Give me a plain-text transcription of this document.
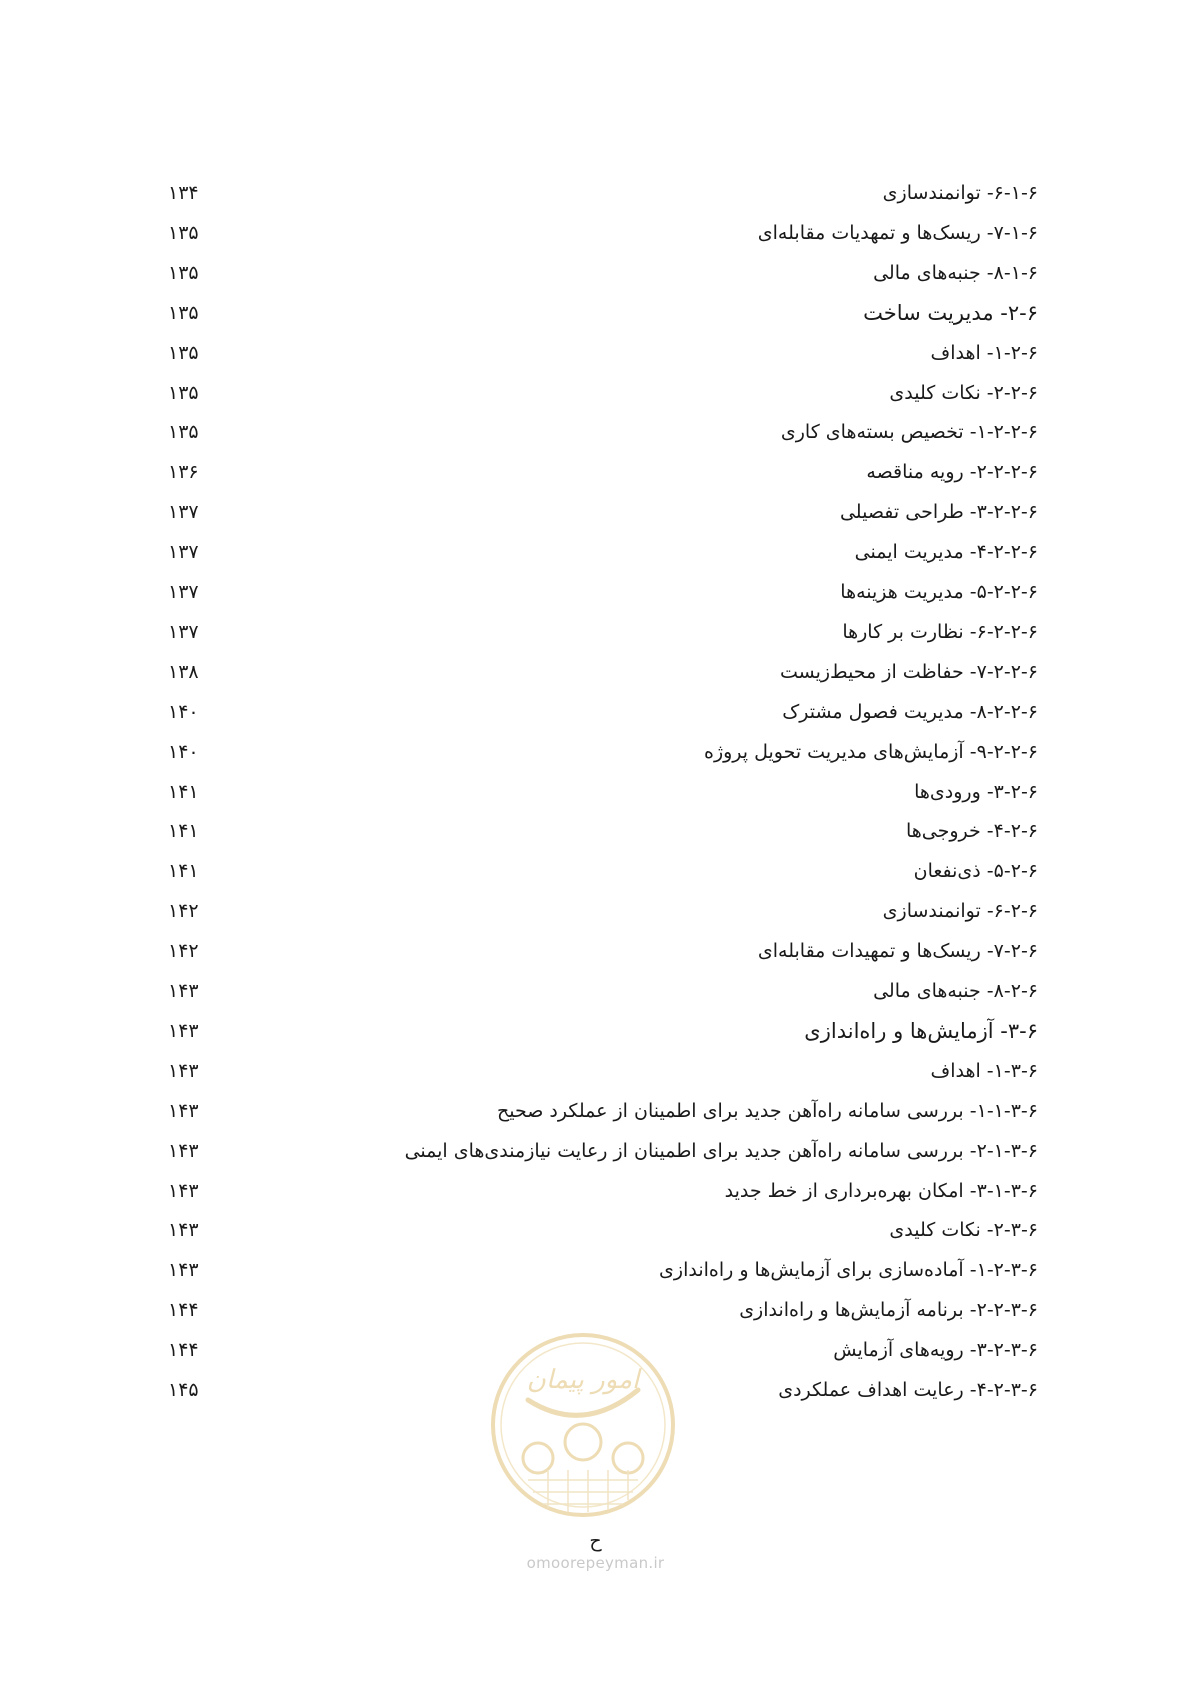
۶-۱-۶- توانمندسازی
۱۳۴
۷-۱-۶- ریسک‌ها و تمهدیات مقابله‌ای
۱۳۵
۸-۱-۶- جنبه‌های مالی
۱۳۵
۲-۶- مدیریت ساخت
۱۳۵
۱-۲-۶- اهداف
۱۳۵
۲-۲-۶- نکات کلیدی
۱۳۵
۱-۲-۲-۶- تخصیص بسته‌های کاری
۱۳۵
۲-۲-۲-۶- رویه مناقصه
۱۳۶
۳-۲-۲-۶- طراحی تفصیلی
۱۳۷
۴-۲-۲-۶- مدیریت ایمنی
۱۳۷
۵-۲-۲-۶- مدیریت هزینه‌ها
۱۳۷
۶-۲-۲-۶- نظارت بر کارها
۱۳۷
۷-۲-۲-۶- حفاظت از محیط‌زیست
۱۳۸
۸-۲-۲-۶- مدیریت فصول مشترک
۱۴۰
۹-۲-۲-۶- آزمایش‌های مدیریت تحویل پروژه
۱۴۰
۳-۲-۶- ورودی‌ها
۱۴۱
۴-۲-۶- خروجی‌ها
۱۴۱
۵-۲-۶- ذی‌نفعان
۱۴۱
۶-۲-۶- توانمندسازی
۱۴۲
۷-۲-۶- ریسک‌ها و تمهیدات مقابله‌ای
۱۴۲
۸-۲-۶- جنبه‌های مالی
۱۴۳
۳-۶- آزمایش‌ها و راه‌اندازی
۱۴۳
۱-۳-۶- اهداف
۱۴۳
۱-۱-۳-۶- بررسی سامانه راه‌آهن جدید برای اطمینان از عملکرد صحیح
۱۴۳
۲-۱-۳-۶- بررسی سامانه راه‌آهن جدید برای اطمینان از رعایت نیازمندی‌های ایمنی
۱۴۳
۳-۱-۳-۶- امکان بهره‌برداری از خط جدید
۱۴۳
۲-۳-۶- نکات کلیدی
۱۴۳
۱-۲-۳-۶- آماده‌سازی برای آزمایش‌ها و راه‌اندازی
۱۴۳
۲-۲-۳-۶- برنامه آزمایش‌ها و راه‌اندازی
۱۴۴
۳-۲-۳-۶- رویه‌های آزمایش
۱۴۴
۴-۲-۳-۶- رعایت اهداف عملکردی
۱۴۵	امور پیمان
ح
omoorepeyman.ir
